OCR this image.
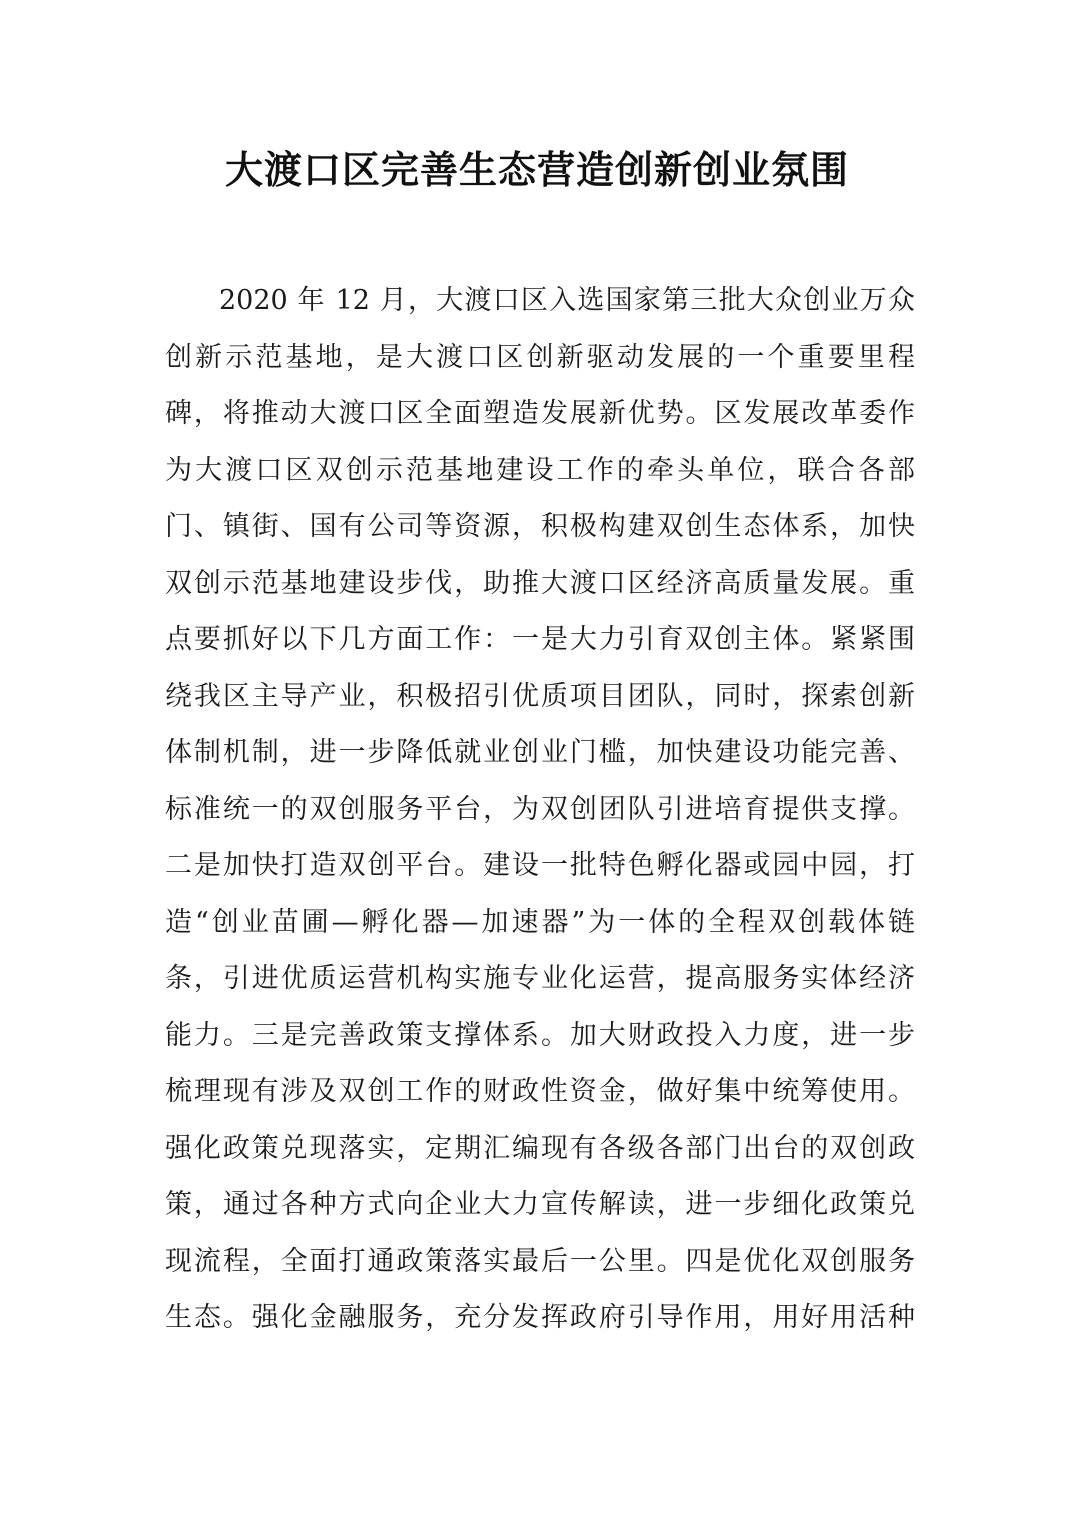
大渡口区完善生态营造创新创业氛围
2020 年 12 月，大渡口区入选国家第三批大众创业万众
创新示范基地，是大渡口区创新驱动发展的一个重要里程
碑，将推动大渡口区全面塑造发展新优势。区发展改革委作
为大渡口区双创示范基地建设工作的牵头单位，联合各部
门、镇街、国有公司等资源，积极构建双创生态体系，加快
双创示范基地建设步伐，助推大渡口区经济高质量发展。重
点要抓好以下几方面工作：一是大力引育双创主体。紧紧围
绕我区主导产业，积极招引优质项目团队，同时，探索创新
体制机制，进一步降低就业创业门槛，加快建设功能完善、
标准统一的双创服务平台，为双创团队引进培育提供支撑。
二是加快打造双创平台。建设一批特色孵化器或园中园，打
造“创业苗圃—孵化器—加速器”为一体的全程双创载体链
条，引进优质运营机构实施专业化运营，提高服务实体经济
能力。三是完善政策支撑体系。加大财政投入力度，进一步
梳理现有涉及双创工作的财政性资金，做好集中统筹使用。
强化政策兑现落实，定期汇编现有各级各部门出台的双创政
策，通过各种方式向企业大力宣传解读，进一步细化政策兑
现流程，全面打通政策落实最后一公里。四是优化双创服务
生态。强化金融服务，充分发挥政府引导作用，用好用活种
